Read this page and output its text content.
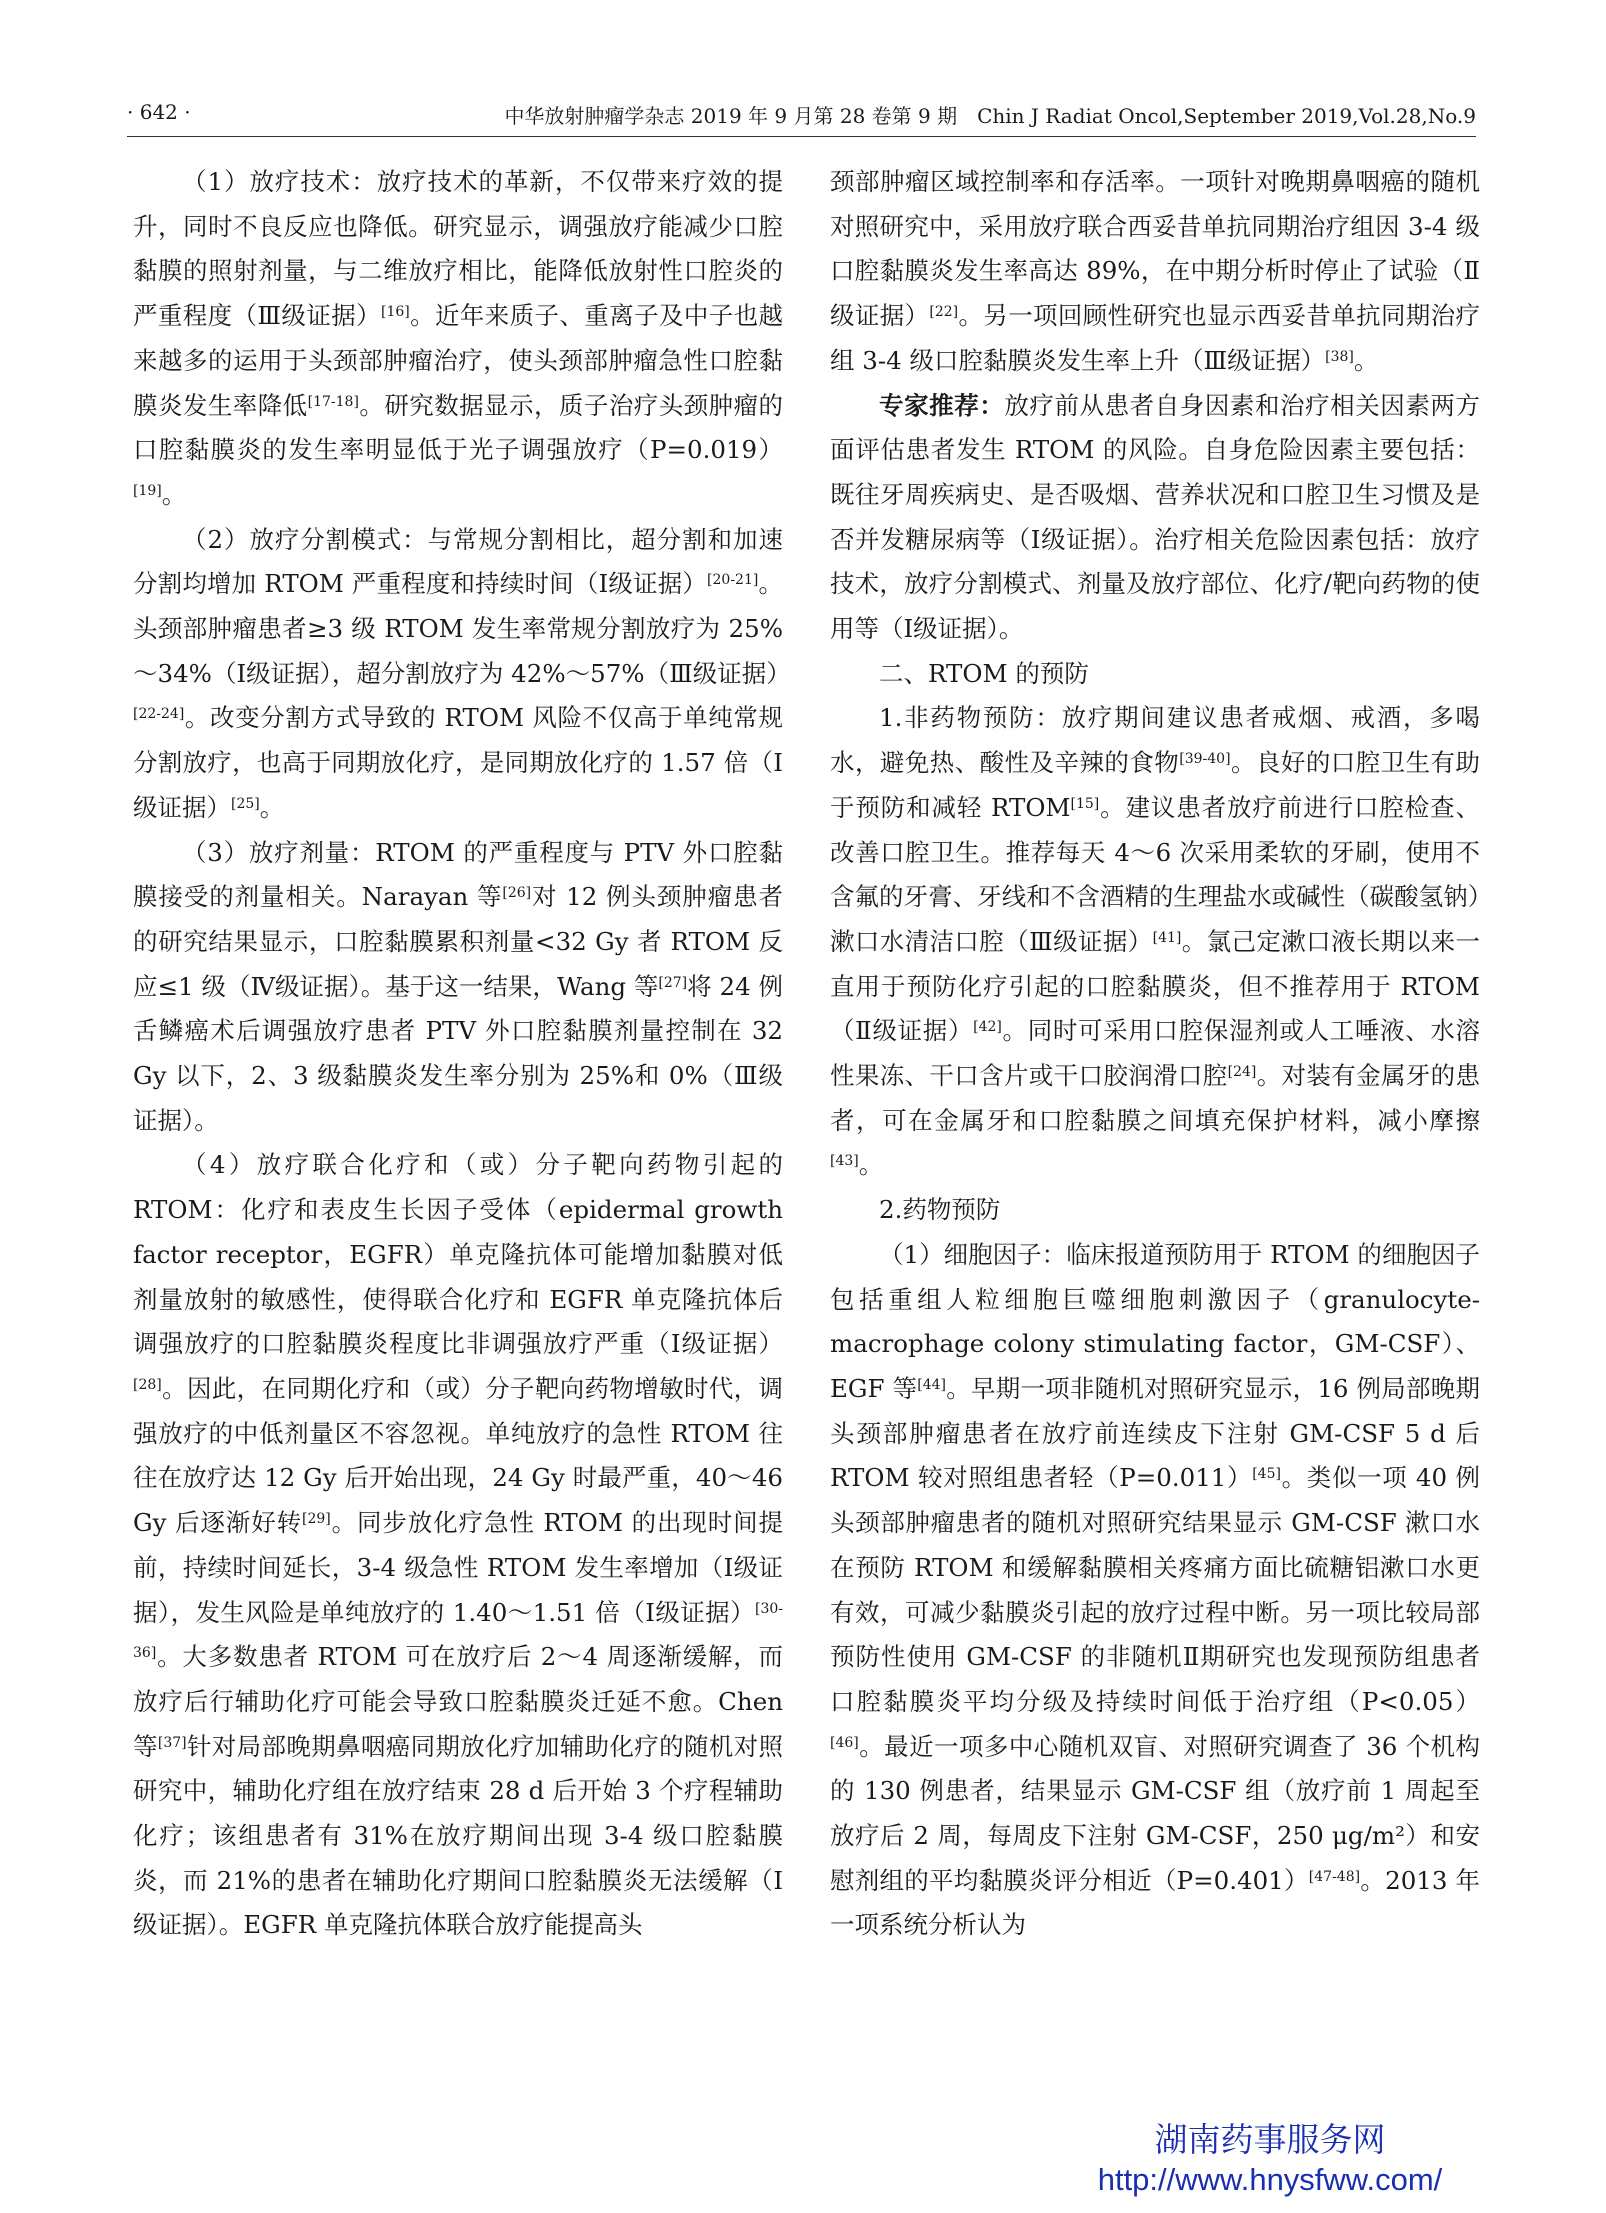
· 642 ·	中华放射肿瘤学杂志 2019 年 9 月第 28 卷第 9 期　Chin J Radiat Oncol,September 2019,Vol.28,No.9

（1）放疗技术：放疗技术的革新，不仅带来疗效的提升，同时不良反应也降低。研究显示，调强放疗能减少口腔黏膜的照射剂量，与二维放疗相比，能降低放射性口腔炎的严重程度（Ⅲ级证据）[16]。近年来质子、重离子及中子也越来越多的运用于头颈部肿瘤治疗，使头颈部肿瘤急性口腔黏膜炎发生率降低[17-18]。研究数据显示，质子治疗头颈肿瘤的口腔黏膜炎的发生率明显低于光子调强放疗（P=0.019）[19]。

（2）放疗分割模式：与常规分割相比，超分割和加速分割均增加 RTOM 严重程度和持续时间（Ⅰ级证据）[20-21]。头颈部肿瘤患者≥3 级 RTOM 发生率常规分割放疗为 25%～34%（Ⅰ级证据），超分割放疗为 42%～57%（Ⅲ级证据）[22-24]。改变分割方式导致的 RTOM 风险不仅高于单纯常规分割放疗，也高于同期放化疗，是同期放化疗的 1.57 倍（Ⅰ级证据）[25]。

（3）放疗剂量：RTOM 的严重程度与 PTV 外口腔黏膜接受的剂量相关。Narayan 等[26]对 12 例头颈肿瘤患者的研究结果显示，口腔黏膜累积剂量<32 Gy 者 RTOM 反应≤1 级（Ⅳ级证据）。基于这一结果，Wang 等[27]将 24 例舌鳞癌术后调强放疗患者 PTV 外口腔黏膜剂量控制在 32 Gy 以下，2、3 级黏膜炎发生率分别为 25%和 0%（Ⅲ级证据）。

（4）放疗联合化疗和（或）分子靶向药物引起的 RTOM：化疗和表皮生长因子受体（epidermal growth factor receptor，EGFR）单克隆抗体可能增加黏膜对低剂量放射的敏感性，使得联合化疗和 EGFR 单克隆抗体后调强放疗的口腔黏膜炎程度比非调强放疗严重（Ⅰ级证据）[28]。因此，在同期化疗和（或）分子靶向药物增敏时代，调强放疗的中低剂量区不容忽视。单纯放疗的急性 RTOM 往往在放疗达 12 Gy 后开始出现，24 Gy 时最严重，40～46 Gy 后逐渐好转[29]。同步放化疗急性 RTOM 的出现时间提前，持续时间延长，3-4 级急性 RTOM 发生率增加（Ⅰ级证据），发生风险是单纯放疗的 1.40～1.51 倍（Ⅰ级证据）[30-36]。大多数患者 RTOM 可在放疗后 2～4 周逐渐缓解，而放疗后行辅助化疗可能会导致口腔黏膜炎迁延不愈。Chen 等[37]针对局部晚期鼻咽癌同期放化疗加辅助化疗的随机对照研究中，辅助化疗组在放疗结束 28 d 后开始 3 个疗程辅助化疗；该组患者有 31%在放疗期间出现 3-4 级口腔黏膜炎，而 21%的患者在辅助化疗期间口腔黏膜炎无法缓解（Ⅰ级证据）。EGFR 单克隆抗体联合放疗能提高头

颈部肿瘤区域控制率和存活率。一项针对晚期鼻咽癌的随机对照研究中，采用放疗联合西妥昔单抗同期治疗组因 3-4 级口腔黏膜炎发生率高达 89%，在中期分析时停止了试验（Ⅱ级证据）[22]。另一项回顾性研究也显示西妥昔单抗同期治疗组 3-4 级口腔黏膜炎发生率上升（Ⅲ级证据）[38]。

专家推荐：放疗前从患者自身因素和治疗相关因素两方面评估患者发生 RTOM 的风险。自身危险因素主要包括：既往牙周疾病史、是否吸烟、营养状况和口腔卫生习惯及是否并发糖尿病等（Ⅰ级证据）。治疗相关危险因素包括：放疗技术，放疗分割模式、剂量及放疗部位、化疗/靶向药物的使用等（Ⅰ级证据）。

二、RTOM 的预防

1.非药物预防：放疗期间建议患者戒烟、戒酒，多喝水，避免热、酸性及辛辣的食物[39-40]。良好的口腔卫生有助于预防和减轻 RTOM[15]。建议患者放疗前进行口腔检查、改善口腔卫生。推荐每天 4～6 次采用柔软的牙刷，使用不含氟的牙膏、牙线和不含酒精的生理盐水或碱性（碳酸氢钠）漱口水清洁口腔（Ⅲ级证据）[41]。氯己定漱口液长期以来一直用于预防化疗引起的口腔黏膜炎，但不推荐用于 RTOM（Ⅱ级证据）[42]。同时可采用口腔保湿剂或人工唾液、水溶性果冻、干口含片或干口胶润滑口腔[24]。对装有金属牙的患者，可在金属牙和口腔黏膜之间填充保护材料，减小摩擦[43]。

2.药物预防

（1）细胞因子：临床报道预防用于 RTOM 的细胞因子包括重组人粒细胞巨噬细胞刺激因子（granulocyte-macrophage colony stimulating factor，GM-CSF）、EGF 等[44]。早期一项非随机对照研究显示，16 例局部晚期头颈部肿瘤患者在放疗前连续皮下注射 GM-CSF 5 d 后 RTOM 较对照组患者轻（P=0.011）[45]。类似一项 40 例头颈部肿瘤患者的随机对照研究结果显示 GM-CSF 漱口水在预防 RTOM 和缓解黏膜相关疼痛方面比硫糖铝漱口水更有效，可减少黏膜炎引起的放疗过程中断。另一项比较局部预防性使用 GM-CSF 的非随机Ⅱ期研究也发现预防组患者口腔黏膜炎平均分级及持续时间低于治疗组（P<0.05）[46]。最近一项多中心随机双盲、对照研究调查了 36 个机构的 130 例患者，结果显示 GM-CSF 组（放疗前 1 周起至放疗后 2 周，每周皮下注射 GM-CSF，250 μg/m²）和安慰剂组的平均黏膜炎评分相近（P=0.401）[47-48]。2013 年一项系统分析认为

湖南药事服务网
http://www.hnysfww.com/
